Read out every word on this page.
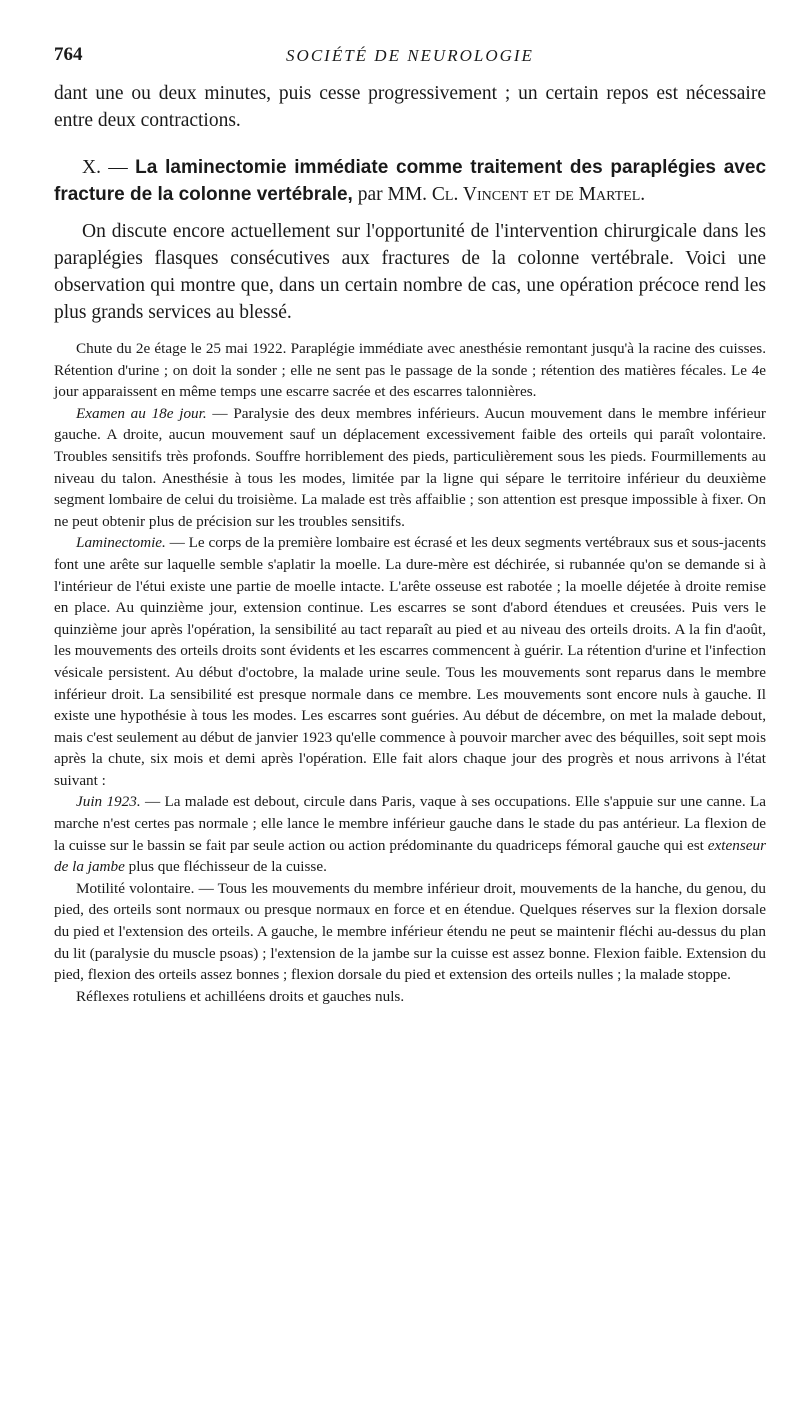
764	SOCIÉTÉ DE NEUROLOGIE

dant une ou deux minutes, puis cesse progressivement ; un certain repos est nécessaire entre deux contractions.

X. — La laminectomie immédiate comme traitement des paraplégies avec fracture de la colonne vertébrale, par MM. Cl. Vincent et de Martel.

On discute encore actuellement sur l'opportunité de l'intervention chirurgicale dans les paraplégies flasques consécutives aux fractures de la colonne vertébrale. Voici une observation qui montre que, dans un certain nombre de cas, une opération précoce rend les plus grands services au blessé.

Chute du 2e étage le 25 mai 1922. Paraplégie immédiate avec anesthésie remontant jusqu'à la racine des cuisses. Rétention d'urine ; on doit la sonder ; elle ne sent pas le passage de la sonde ; rétention des matières fécales. Le 4e jour apparaissent en même temps une escarre sacrée et des escarres talonnières.

Examen au 18e jour. — Paralysie des deux membres inférieurs. Aucun mouvement dans le membre inférieur gauche. A droite, aucun mouvement sauf un déplacement excessivement faible des orteils qui paraît volontaire. Troubles sensitifs très profonds. Souffre horriblement des pieds, particulièrement sous les pieds. Fourmillements au niveau du talon. Anesthésie à tous les modes, limitée par la ligne qui sépare le territoire inférieur du deuxième segment lombaire de celui du troisième. La malade est très affaiblie ; son attention est presque impossible à fixer. On ne peut obtenir plus de précision sur les troubles sensitifs.

Laminectomie. — Le corps de la première lombaire est écrasé et les deux segments vertébraux sus et sous-jacents font une arête sur laquelle semble s'aplatir la moelle. La dure-mère est déchirée, si rubannée qu'on se demande si à l'intérieur de l'étui existe une partie de moelle intacte. L'arête osseuse est rabotée ; la moelle déjetée à droite remise en place. Au quinzième jour, extension continue. Les escarres se sont d'abord étendues et creusées. Puis vers le quinzième jour après l'opération, la sensibilité au tact reparaît au pied et au niveau des orteils droits. A la fin d'août, les mouvements des orteils droits sont évidents et les escarres commencent à guérir. La rétention d'urine et l'infection vésicale persistent. Au début d'octobre, la malade urine seule. Tous les mouvements sont reparus dans le membre inférieur droit. La sensibilité est presque normale dans ce membre. Les mouvements sont encore nuls à gauche. Il existe une hypothésie à tous les modes. Les escarres sont guéries. Au début de décembre, on met la malade debout, mais c'est seulement au début de janvier 1923 qu'elle commence à pouvoir marcher avec des béquilles, soit sept mois après la chute, six mois et demi après l'opération. Elle fait alors chaque jour des progrès et nous arrivons à l'état suivant :

Juin 1923. — La malade est debout, circule dans Paris, vaque à ses occupations. Elle s'appuie sur une canne. La marche n'est certes pas normale ; elle lance le membre inférieur gauche dans le stade du pas antérieur. La flexion de la cuisse sur le bassin se fait par seule action ou action prédominante du quadriceps fémoral gauche qui est extenseur de la jambe plus que fléchisseur de la cuisse.

Motilité volontaire. — Tous les mouvements du membre inférieur droit, mouvements de la hanche, du genou, du pied, des orteils sont normaux ou presque normaux en force et en étendue. Quelques réserves sur la flexion dorsale du pied et l'extension des orteils. A gauche, le membre inférieur étendu ne peut se maintenir fléchi au-dessus du plan du lit (paralysie du muscle psoas) ; l'extension de la jambe sur la cuisse est assez bonne. Flexion faible. Extension du pied, flexion des orteils assez bonnes ; flexion dorsale du pied et extension des orteils nulles ; la malade stoppe.

Réflexes rotuliens et achilléens droits et gauches nuls.
